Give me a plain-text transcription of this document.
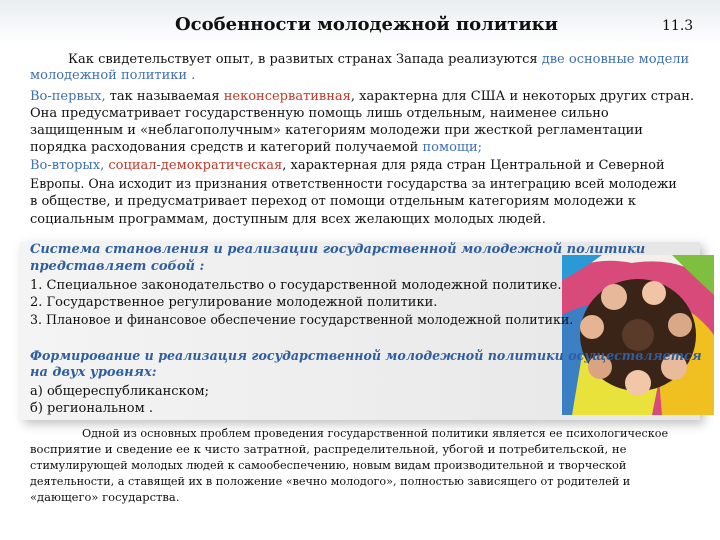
Особенности молодежной политики	11.3
Как свидетельствует опыт, в развитых странах Запада реализуются две основные модели
молодежной политики .
Во-первых, так называемая неконсервативная, характерна для США и некоторых других стран.
Она предусматривает государственную помощь лишь отдельным, наименее сильно
защищенным и «неблагополучным» категориям молодежи при жесткой регламентации
порядка расходования средств и категорий получаемой помощи;
Во-вторых, социал-демократическая, характерная для ряда стран Центральной и Северной
Европы. Она исходит из признания ответственности государства за интеграцию всей молодежи
в обществе, и предусматривает переход от помощи отдельным категориям молодежи к
социальным программам, доступным для всех желающих молодых людей.
Система становления и реализации государственной молодежной политики
представляет собой :
1. Специальное законодательство о государственной молодежной политике.
2. Государственное регулирование молодежной политики.
3. Плановое и финансовое обеспечение государственной молодежной политики.
Формирование и реализация государственной молодежной политики осуществляется
на двух уровнях:
а) общереспубликанском;
б) региональном .
Одной из основных проблем проведения государственной политики является ее психологическое
восприятие и сведение ее к чисто затратной, распределительной, убогой и потребительской, не
стимулирующей молодых людей к самообеспечению, новым видам производительной и творческой
деятельности, а ставящей их в положение «вечно молодого», полностью зависящего от родителей и
«дающего» государства.
